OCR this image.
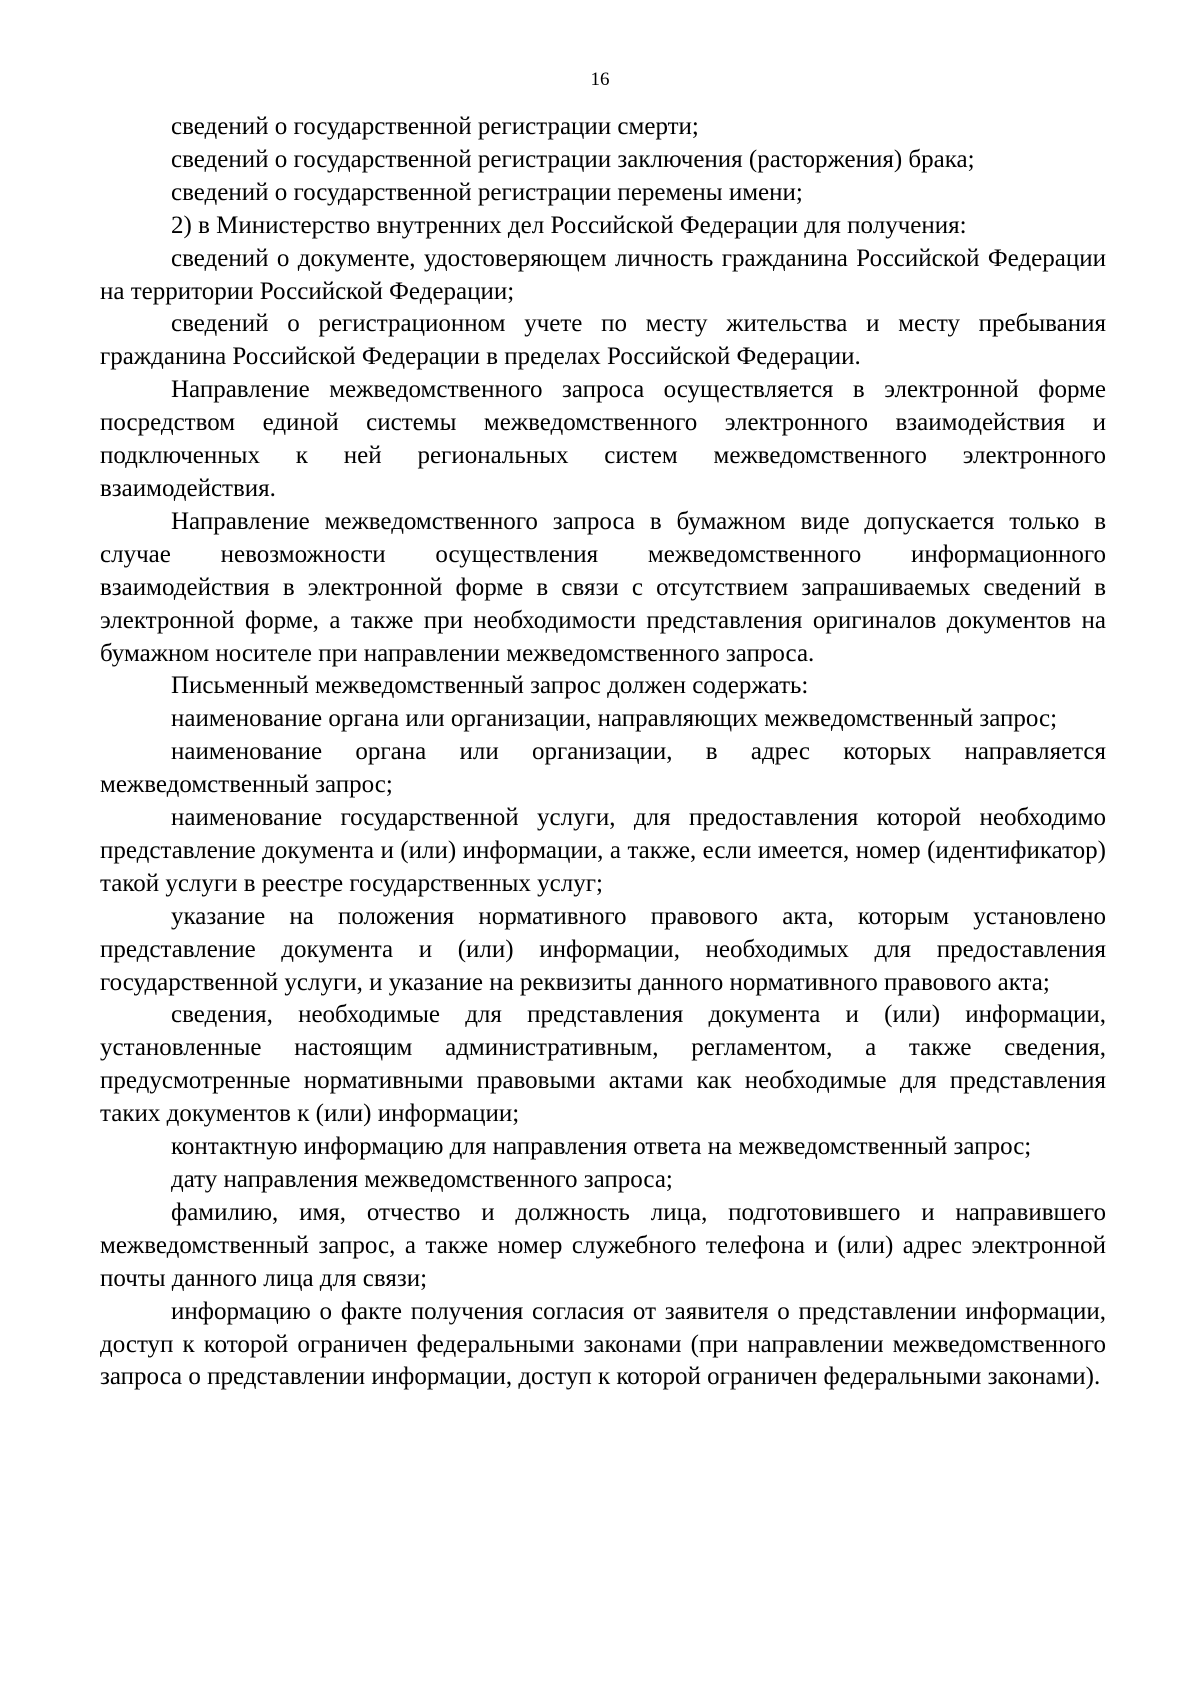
16

сведений о государственной регистрации смерти;

сведений о государственной регистрации заключения (расторжения) брака;

сведений о государственной регистрации перемены имени;

2) в Министерство внутренних дел Российской Федерации для получения:

сведений о документе, удостоверяющем личность гражданина Российской Федерации на территории Российской Федерации;

сведений о регистрационном учете по месту жительства и месту пребывания гражданина Российской Федерации в пределах Российской Федерации.

Направление межведомственного запроса осуществляется в электронной форме посредством единой системы межведомственного электронного взаимодействия и подключенных к ней региональных систем межведомственного электронного взаимодействия.

Направление межведомственного запроса в бумажном виде допускается только в случае невозможности осуществления межведомственного информационного взаимодействия в электронной форме в связи с отсутствием запрашиваемых сведений в электронной форме, а также при необходимости представления оригиналов документов на бумажном носителе при направлении межведомственного запроса.

Письменный межведомственный запрос должен содержать:

наименование органа или организации, направляющих межведомственный запрос;

наименование органа или организации, в адрес которых направляется межведомственный запрос;

наименование государственной услуги, для предоставления которой необходимо представление документа и (или) информации, а также, если имеется, номер (идентификатор) такой услуги в реестре государственных услуг;

указание на положения нормативного правового акта, которым установлено представление документа и (или) информации, необходимых для предоставления государственной услуги, и указание на реквизиты данного нормативного правового акта;

сведения, необходимые для представления документа и (или) информации, установленные настоящим административным, регламентом, а также сведения, предусмотренные нормативными правовыми актами как необходимые для представления таких документов к (или) информации;

контактную информацию для направления ответа на межведомственный запрос;

дату направления межведомственного запроса;

фамилию, имя, отчество и должность лица, подготовившего и направившего межведомственный запрос, а также номер служебного телефона и (или) адрес электронной почты данного лица для связи;

информацию о факте получения согласия от заявителя о представлении информации, доступ к которой ограничен федеральными законами (при направлении межведомственного запроса о представлении информации, доступ к которой ограничен федеральными законами).
